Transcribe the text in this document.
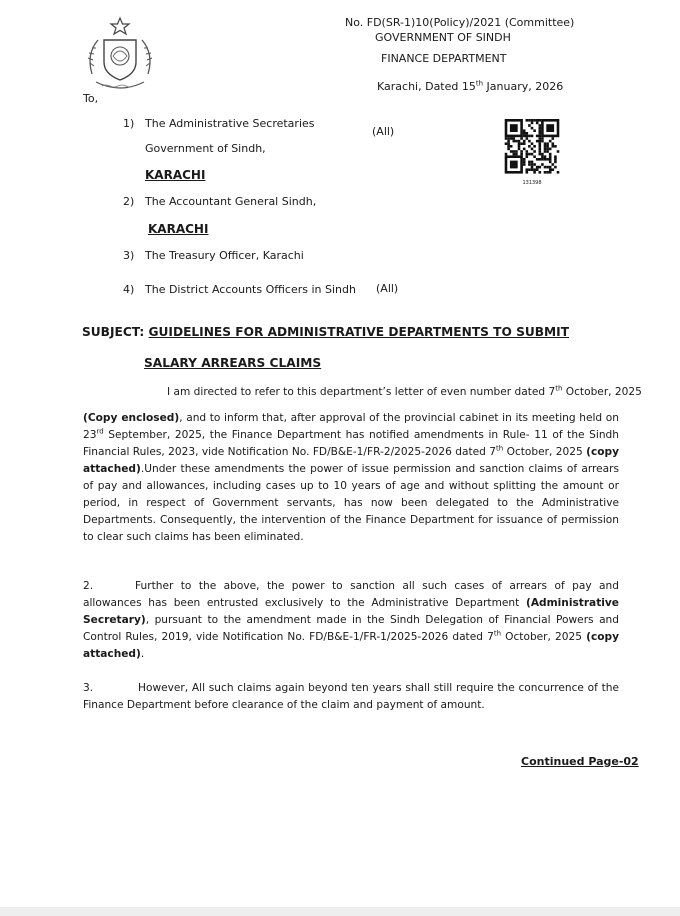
No. FD(SR-1)10(Policy)/2021 (Committee)
GOVERNMENT OF SINDH
FINANCE DEPARTMENT
Karachi, Dated 15th January, 2026
131398
To,
1) The Administrative Secretaries
(All)
Government of Sindh,
KARACHI
2) The Accountant General Sindh,
KARACHI
3) The Treasury Officer, Karachi
4) The District Accounts Officers in Sindh (All)
SUBJECT: GUIDELINES FOR ADMINISTRATIVE DEPARTMENTS TO SUBMIT
SALARY ARREARS CLAIMS
I am directed to refer to this department’s letter of even number dated 7th October, 2025
(Copy enclosed), and to inform that, after approval of the provincial cabinet in its meeting held on 23rd September, 2025, the Finance Department has notified amendments in Rule- 11 of the Sindh Financial Rules, 2023, vide Notification No. FD/B&E-1/FR-2/2025-2026 dated 7th October, 2025 (copy attached).Under these amendments the power of issue permission and sanction claims of arrears of pay and allowances, including cases up to 10 years of age and without splitting the amount or period, in respect of Government servants, has now been delegated to the Administrative Departments. Consequently, the intervention of the Finance Department for issuance of permission to clear such claims has been eliminated.
2.	Further to the above, the power to sanction all such cases of arrears of pay and allowances has been entrusted exclusively to the Administrative Department (Administrative Secretary), pursuant to the amendment made in the Sindh Delegation of Financial Powers and Control Rules, 2019, vide Notification No. FD/B&E-1/FR-1/2025-2026 dated 7th October, 2025 (copy attached).
3.	However, All such claims again beyond ten years shall still require the concurrence of the Finance Department before clearance of the claim and payment of amount.
Continued Page-02
